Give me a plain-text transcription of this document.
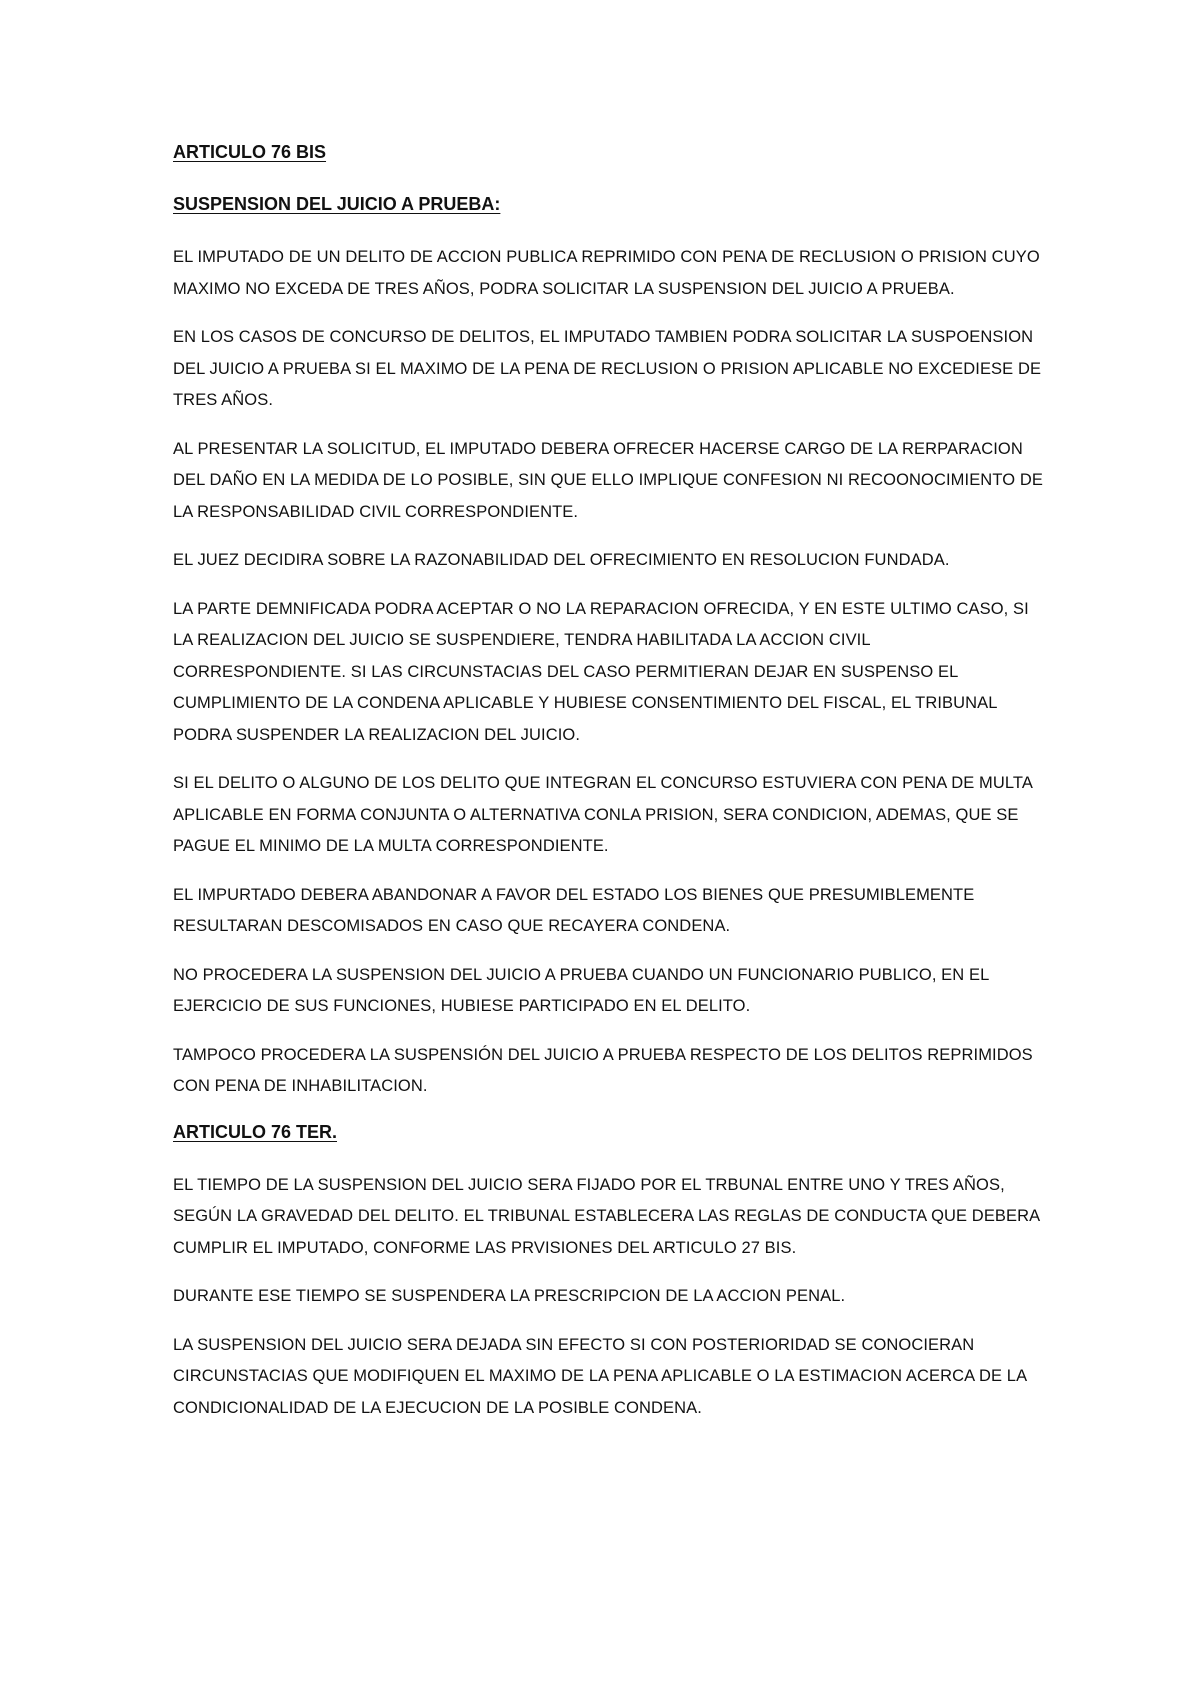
ARTICULO 76 BIS

SUSPENSION DEL JUICIO A PRUEBA:

EL IMPUTADO DE UN DELITO DE ACCION PUBLICA REPRIMIDO CON PENA DE RECLUSION O PRISION CUYO MAXIMO NO EXCEDA DE TRES AÑOS, PODRA SOLICITAR LA SUSPENSION DEL JUICIO A PRUEBA.

EN LOS CASOS DE CONCURSO DE DELITOS, EL IMPUTADO TAMBIEN PODRA SOLICITAR LA SUSPOENSION DEL JUICIO A PRUEBA SI EL MAXIMO DE LA PENA DE RECLUSION O PRISION APLICABLE NO EXCEDIESE DE TRES AÑOS.

AL PRESENTAR LA SOLICITUD, EL IMPUTADO DEBERA OFRECER HACERSE CARGO DE LA RERPARACION DEL DAÑO EN LA MEDIDA DE LO POSIBLE, SIN QUE ELLO IMPLIQUE CONFESION NI RECOONOCIMIENTO DE LA RESPONSABILIDAD CIVIL CORRESPONDIENTE.

EL JUEZ DECIDIRA SOBRE LA RAZONABILIDAD DEL OFRECIMIENTO EN RESOLUCION FUNDADA.

LA PARTE DEMNIFICADA PODRA ACEPTAR O NO LA REPARACION OFRECIDA, Y EN ESTE ULTIMO CASO, SI LA REALIZACION DEL JUICIO SE SUSPENDIERE, TENDRA HABILITADA LA ACCION CIVIL CORRESPONDIENTE. SI LAS CIRCUNSTACIAS DEL CASO PERMITIERAN DEJAR EN SUSPENSO EL CUMPLIMIENTO DE LA CONDENA APLICABLE Y HUBIESE CONSENTIMIENTO DEL FISCAL, EL TRIBUNAL PODRA SUSPENDER LA REALIZACION DEL JUICIO.

SI EL DELITO O ALGUNO DE LOS DELITO QUE INTEGRAN EL CONCURSO ESTUVIERA CON PENA DE MULTA APLICABLE EN FORMA CONJUNTA O ALTERNATIVA CONLA PRISION, SERA CONDICION, ADEMAS, QUE SE PAGUE EL MINIMO DE LA MULTA CORRESPONDIENTE.

EL IMPURTADO DEBERA ABANDONAR A FAVOR DEL ESTADO LOS BIENES QUE PRESUMIBLEMENTE RESULTARAN DESCOMISADOS EN CASO QUE RECAYERA CONDENA.

NO PROCEDERA LA SUSPENSION DEL JUICIO A PRUEBA CUANDO UN FUNCIONARIO PUBLICO, EN EL EJERCICIO DE SUS FUNCIONES, HUBIESE PARTICIPADO EN EL DELITO.

TAMPOCO PROCEDERA LA SUSPENSIÓN DEL JUICIO A PRUEBA RESPECTO DE LOS DELITOS REPRIMIDOS CON PENA DE INHABILITACION.

ARTICULO 76 TER.

EL TIEMPO DE LA SUSPENSION DEL JUICIO SERA FIJADO POR EL TRBUNAL ENTRE UNO Y TRES AÑOS, SEGÚN LA GRAVEDAD DEL DELITO. EL TRIBUNAL ESTABLECERA LAS REGLAS DE CONDUCTA QUE DEBERA CUMPLIR EL IMPUTADO, CONFORME LAS PRVISIONES DEL ARTICULO 27 BIS.

DURANTE ESE TIEMPO SE SUSPENDERA LA PRESCRIPCION DE LA ACCION PENAL.

LA SUSPENSION DEL JUICIO SERA DEJADA SIN EFECTO SI CON POSTERIORIDAD SE CONOCIERAN CIRCUNSTACIAS QUE MODIFIQUEN EL MAXIMO DE LA PENA APLICABLE O LA ESTIMACION ACERCA DE LA CONDICIONALIDAD DE LA EJECUCION DE LA POSIBLE CONDENA.
